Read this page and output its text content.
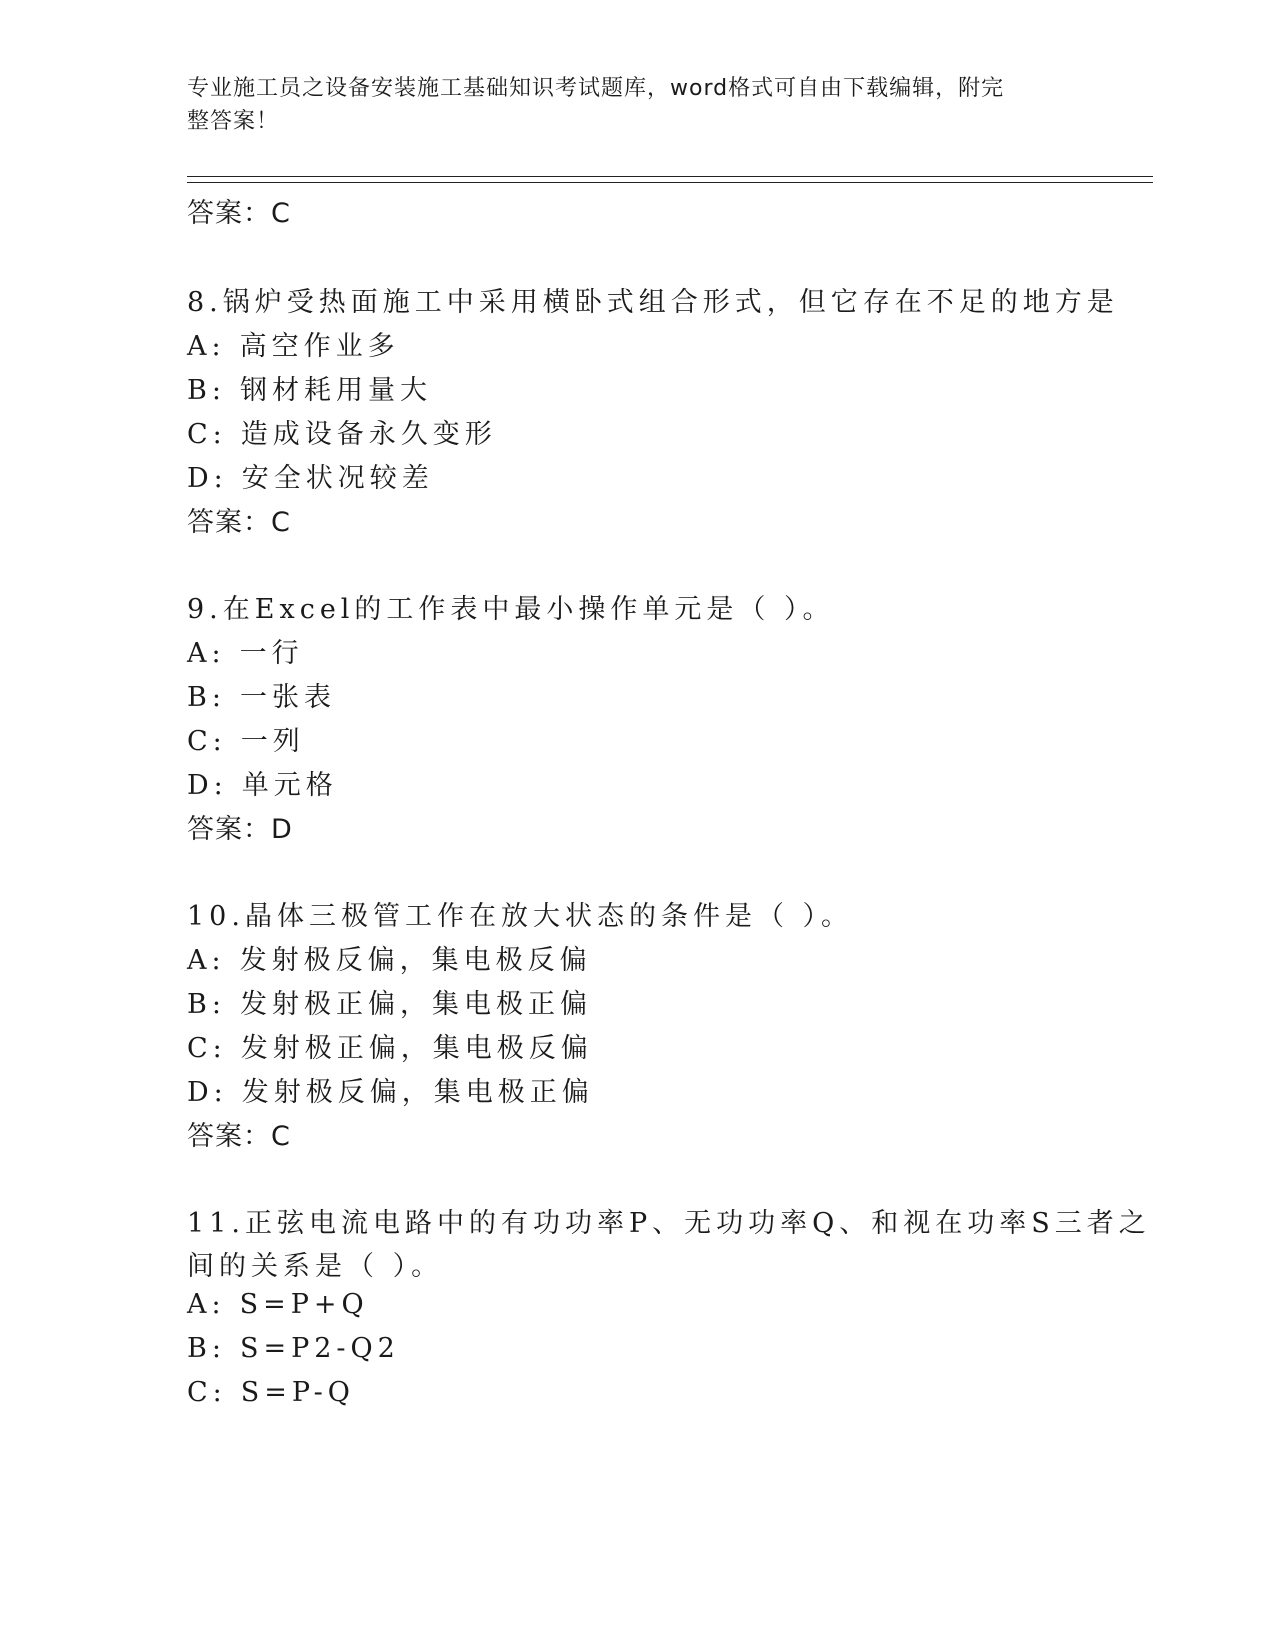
专业施工员之设备安装施工基础知识考试题库，word格式可自由下载编辑，附完
整答案！
答案：C
8.锅炉受热面施工中采用横卧式组合形式，但它存在不足的地方是
A: 高空作业多
B: 钢材耗用量大
C: 造成设备永久变形
D: 安全状况较差
答案：C
9.在Excel的工作表中最小操作单元是（ ）。
A: 一行
B: 一张表
C: 一列
D: 单元格
答案：D
10.晶体三极管工作在放大状态的条件是（ ）。
A: 发射极反偏，集电极反偏
B: 发射极正偏，集电极正偏
C: 发射极正偏，集电极反偏
D: 发射极反偏，集电极正偏
答案：C
11.正弦电流电路中的有功功率P、无功功率Q、和视在功率S三者之
间的关系是（ ）。
A: S=P+Q
B: S=P2-Q2
C: S=P-Q
